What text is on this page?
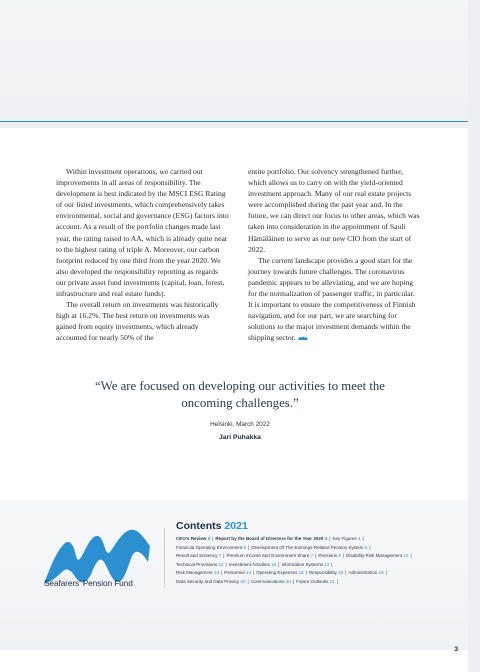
Within investment operations, we carried out improvements in all areas of responsibility. The development is best indicated by the MSCI ESG Rating of our listed investments, which comprehensively takes environmental, social and governance (ESG) factors into account. As a result of the portfolio changes made last year, the rating raised to AA, which is already quite near to the highest rating of triple A. Moreover, our carbon footprint reduced by one third from the year 2020. We also developed the responsibility reporting as regards our private asset fund investments (capital, loan, forest, infrastructure and real estate funds).

The overall return on investments was historically high at 16.2%. The best return on investments was gained from equity investments, which already accounted for nearly 50% of the

entire portfolio. Our solvency strengthened further, which allows us to carry on with the yield-oriented investment approach. Many of our real estate projects were accomplished during the past year and. In the future, we can direct our focus to other areas, which was taken into consideration in the appointment of Sauli Hämäläinen to serve as our new CIO from the start of 2022.

The current landscape provides a good start for the journey towards future challenges. The coronavirus pandemic appears to be alleviating, and we are hoping for the normalization of passenger traffic, in particular. It is important to ensure the competitiveness of Finnish navigation, and for our part, we are searching for solutions to the major investment demands within the shipping sector.

“We are focused on developing our activities to meet the oncoming challenges.”
Helsinki, March 2022
Jari Puhakka
Seafarers’ Pension Fund
Contents 2021
CEO's Review 2 | Report by the Board of Directors for the Year 2020 4 | Key Figures 4 |
Financial Operating Environment 5 | Development Of The Earnings-Related Pension System 6 |
Result and Solvency 7 | Premium Income and Government Share 7 | Pensions 8 | Disability Risk Management 10 |
Technical Provisions 12 | Investment Activities 12 | Information Systems 13 |
Risk Management 13 | Personnel 14 | Operating Expenses 15 | Responsibility 15 | Administration 18 |
Data Security and Data Privacy 20 | Communications 20 | Future Outlooks 21 |
3
